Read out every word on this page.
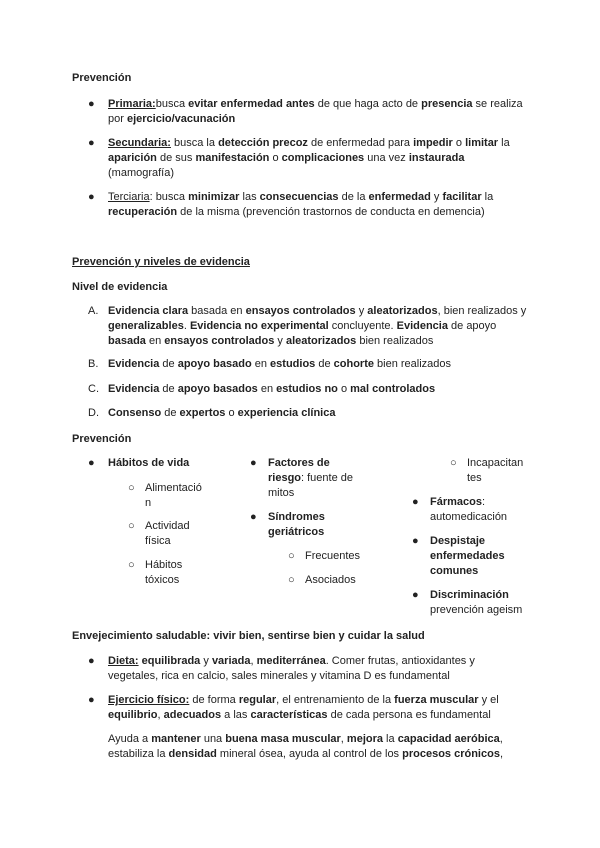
Prevención
● Primaria:busca evitar enfermedad antes de que haga acto de presencia se realiza por ejercicio/vacunación
● Secundaria: busca la detección precoz de enfermedad para impedir o limitar la aparición de sus manifestación o complicaciones una vez instaurada (mamografía)
● Terciaria: busca minimizar las consecuencias de la enfermedad y facilitar la recuperación de la misma (prevención trastornos de conducta en demencia)
Prevención y niveles de evidencia
Nivel de evidencia
A. Evidencia clara basada en ensayos controlados y aleatorizados, bien realizados y generalizables. Evidencia no experimental concluyente. Evidencia de apoyo basada en ensayos controlados y aleatorizados bien realizados
B. Evidencia de apoyo basado en estudios de cohorte bien realizados
C. Evidencia de apoyo basados en estudios no o mal controlados
D. Consenso de expertos o experiencia clínica
Prevención
● Hábitos de vida
○ Alimentació
n
○ Actividad
física
○ Hábitos
tóxicos
● Factores de
riesgo: fuente de
mitos
● Síndromes
geriátricos
○ Frecuentes
○ Asociados
○ Incapacitan
tes
● Fármacos:
automedicación
● Despistaje
enfermedades
comunes
● Discriminación
prevención ageism
Envejecimiento saludable: vivir bien, sentirse bien y cuidar la salud
● Dieta: equilibrada y variada, mediterránea. Comer frutas, antioxidantes y vegetales, rica en calcio, sales minerales y vitamina D es fundamental
● Ejercicio físico: de forma regular, el entrenamiento de la fuerza muscular y el equilibrio, adecuados a las características de cada persona es fundamental
Ayuda a mantener una buena masa muscular, mejora la capacidad aeróbica, estabiliza la densidad mineral ósea, ayuda al control de los procesos crónicos,
